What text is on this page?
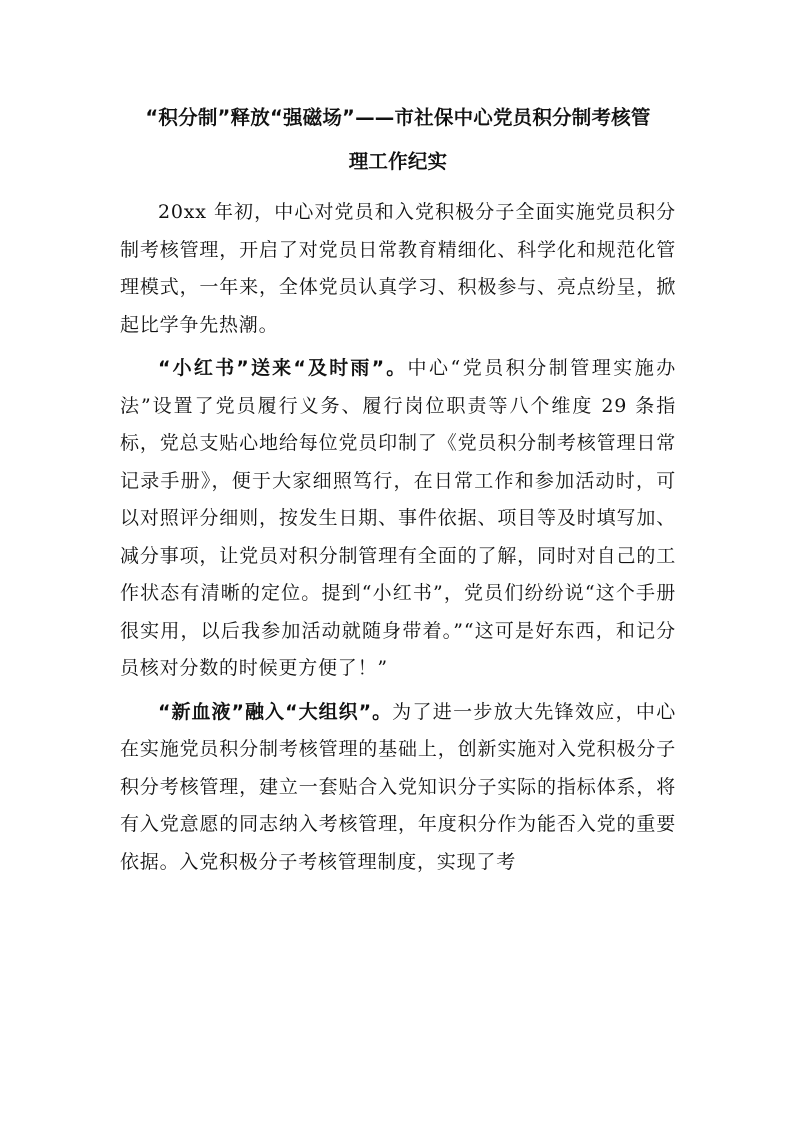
“积分制”释放“强磁场”——市社保中心党员积分制考核管
理工作纪实

20xx 年初，中心对党员和入党积极分子全面实施党员积分制考核管理，开启了对党员日常教育精细化、科学化和规范化管理模式，一年来，全体党员认真学习、积极参与、亮点纷呈，掀起比学争先热潮。

“小红书”送来“及时雨”。中心“党员积分制管理实施办法”设置了党员履行义务、履行岗位职责等八个维度 29 条指标，党总支贴心地给每位党员印制了《党员积分制考核管理日常记录手册》，便于大家细照笃行，在日常工作和参加活动时，可以对照评分细则，按发生日期、事件依据、项目等及时填写加、减分事项，让党员对积分制管理有全面的了解，同时对自己的工作状态有清晰的定位。提到“小红书”，党员们纷纷说“这个手册很实用，以后我参加活动就随身带着。”“这可是好东西，和记分员核对分数的时候更方便了！”

“新血液”融入“大组织”。为了进一步放大先锋效应，中心在实施党员积分制考核管理的基础上，创新实施对入党积极分子积分考核管理，建立一套贴合入党知识分子实际的指标体系，将有入党意愿的同志纳入考核管理，年度积分作为能否入党的重要依据。入党积极分子考核管理制度，实现了考
